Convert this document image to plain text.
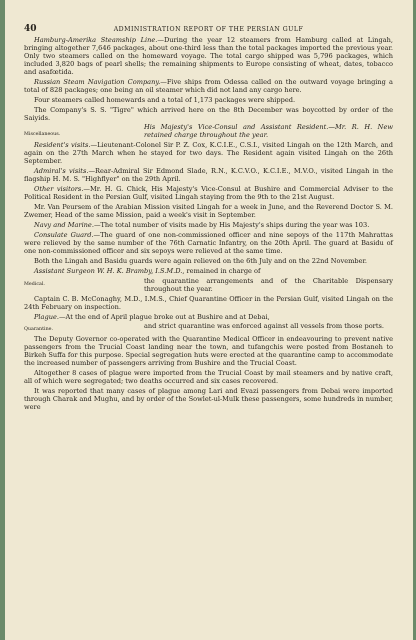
40	ADMINISTRATION REPORT OF THE PERSIAN GULF

Hamburg-Amerika Steamship Line.—During the year 12 steamers from Hamburg called at Lingah, bringing altogether 7,646 packages, about one-third less than the total packages imported the previous year. Only two steamers called on the homeward voyage. The total cargo shipped was 5,796 packages, which included 3,820 bags of pearl shells; the remaining shipments to Europe consisting of wheat, dates, tobacco and asafœtida.

Russian Steam Navigation Company.—Five ships from Odessa called on the outward voyage bringing a total of 828 packages; one being an oil steamer which did not land any cargo here.

Four steamers called homewards and a total of 1,173 packages were shipped.

The Company's S. S. "Tigre" which arrived here on the 8th December was boycotted by order of the Saiyids.

Miscellaneous.
His Majesty's Vice-Consul and Assistant Resident.—Mr. R. H. New retained charge throughout the year.

Resident's visits.—Lieutenant-Colonel Sir P. Z. Cox, K.C.I.E., C.S.I., visited Lingah on the 12th March, and again on the 27th March when he stayed for two days. The Resident again visited Lingah on the 26th September.

Admiral's visits.—Rear-Admiral Sir Edmond Slade, R.N., K.C.V.O., K.C.I.E., M.V.O., visited Lingah in the flagship H. M. S. "Highflyer" on the 29th April.

Other visitors.—Mr. H. G. Chick, His Majesty's Vice-Consul at Bushire and Commercial Adviser to the Political Resident in the Persian Gulf, visited Lingah staying from the 9th to the 21st August.

Mr. Van Peursem of the Arabian Mission visited Lingah for a week in June, and the Reverend Doctor S. M. Zwemer, Head of the same Mission, paid a week's visit in September.

Navy and Marine.—The total number of visits made by His Majesty's ships during the year was 103.

Consulate Guard.—The guard of one non-commissioned officer and nine sepoys of the 117th Mahrattas were relieved by the same number of the 76th Carnatic Infantry, on the 20th April. The guard at Basidu of one non-commissioned officer and six sepoys were relieved at the same time.

Both the Lingah and Basidu guards were again relieved on the 6th July and on the 22nd November.

Assistant Surgeon W. H. K. Bramby, I.S.M.D., remained in charge of

Medical.	the quarantine arrangements and of the Charitable Dispensary throughout the year.

Captain C. B. McConaghy, M.D., I.M.S., Chief Quarantine Officer in the Persian Gulf, visited Lingah on the 24th February on inspection.

Plague.—At the end of April plague broke out at Bushire and at Debai,

Quarantine.	and strict quarantine was enforced against all vessels from those ports.

The Deputy Governor co-operated with the Quarantine Medical Officer in endeavouring to prevent native passengers from the Trucial Coast landing near the town, and tufangchis were posted from Bostaneh to Birkeh Suffa for this purpose. Special segregation huts were erected at the quarantine camp to accommodate the increased number of passengers arriving from Bushire and the Trucial Coast.

Altogether 8 cases of plague were imported from the Trucial Coast by mail steamers and by native craft, all of which were segregated; two deaths occurred and six cases recovered.

It was reported that many cases of plague among Lari and Evazi passengers from Debai were imported through Charak and Mughu, and by order of the Sowlet-ul-Mulk these passengers, some hundreds in number, were
